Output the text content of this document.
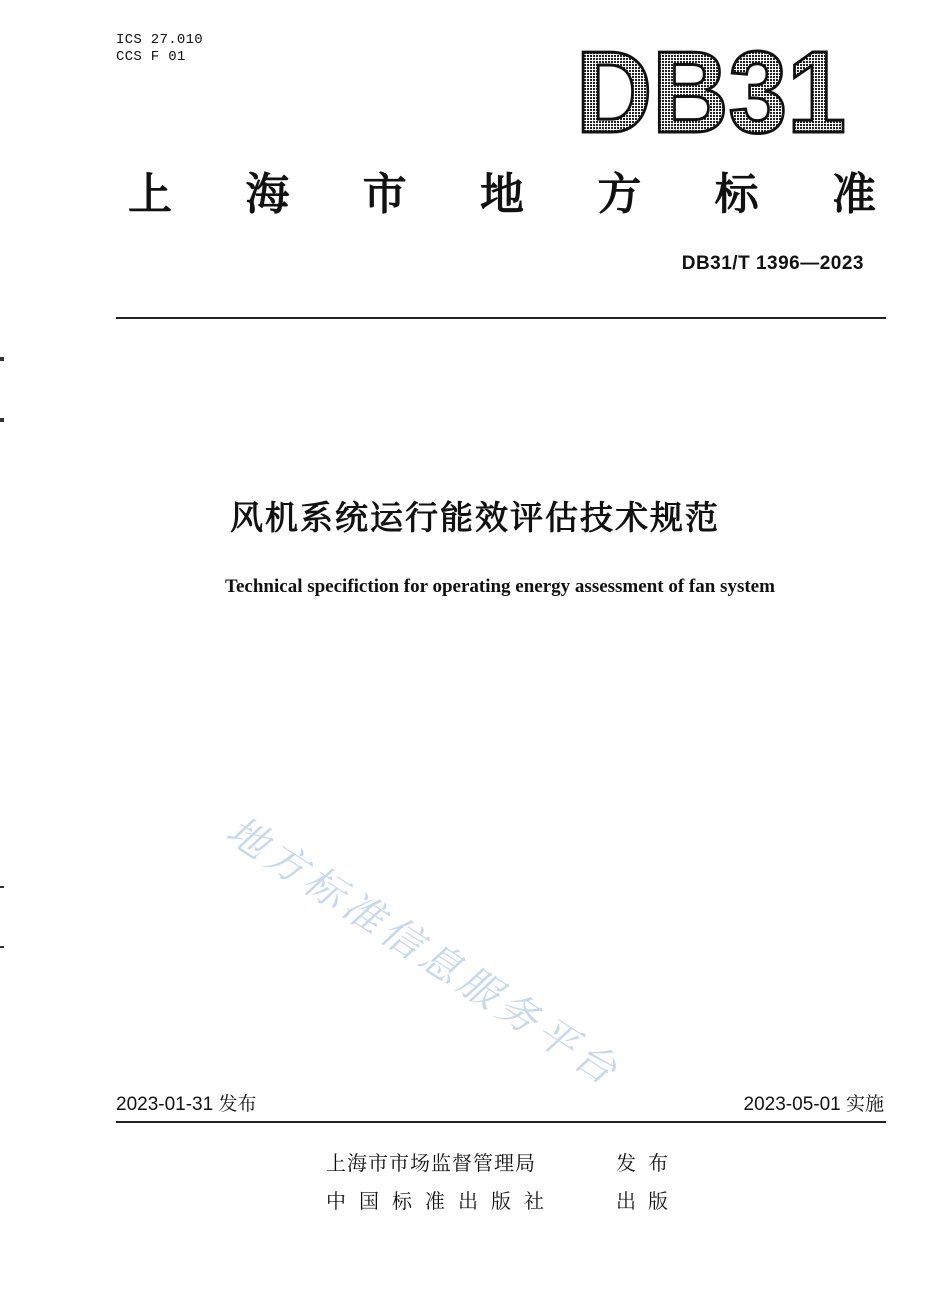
ICS 27.010
CCS F 01	DB31
上 海 市 地 方 标 准
DB31/T 1396—2023
风机系统运行能效评估技术规范
Technical specifiction for operating energy assessment of fan system
地方标准信息服务平台
2023-01-31 发布	2023-05-01 实施
上海市市场监督管理局	发布
中国标准出版社	出版
